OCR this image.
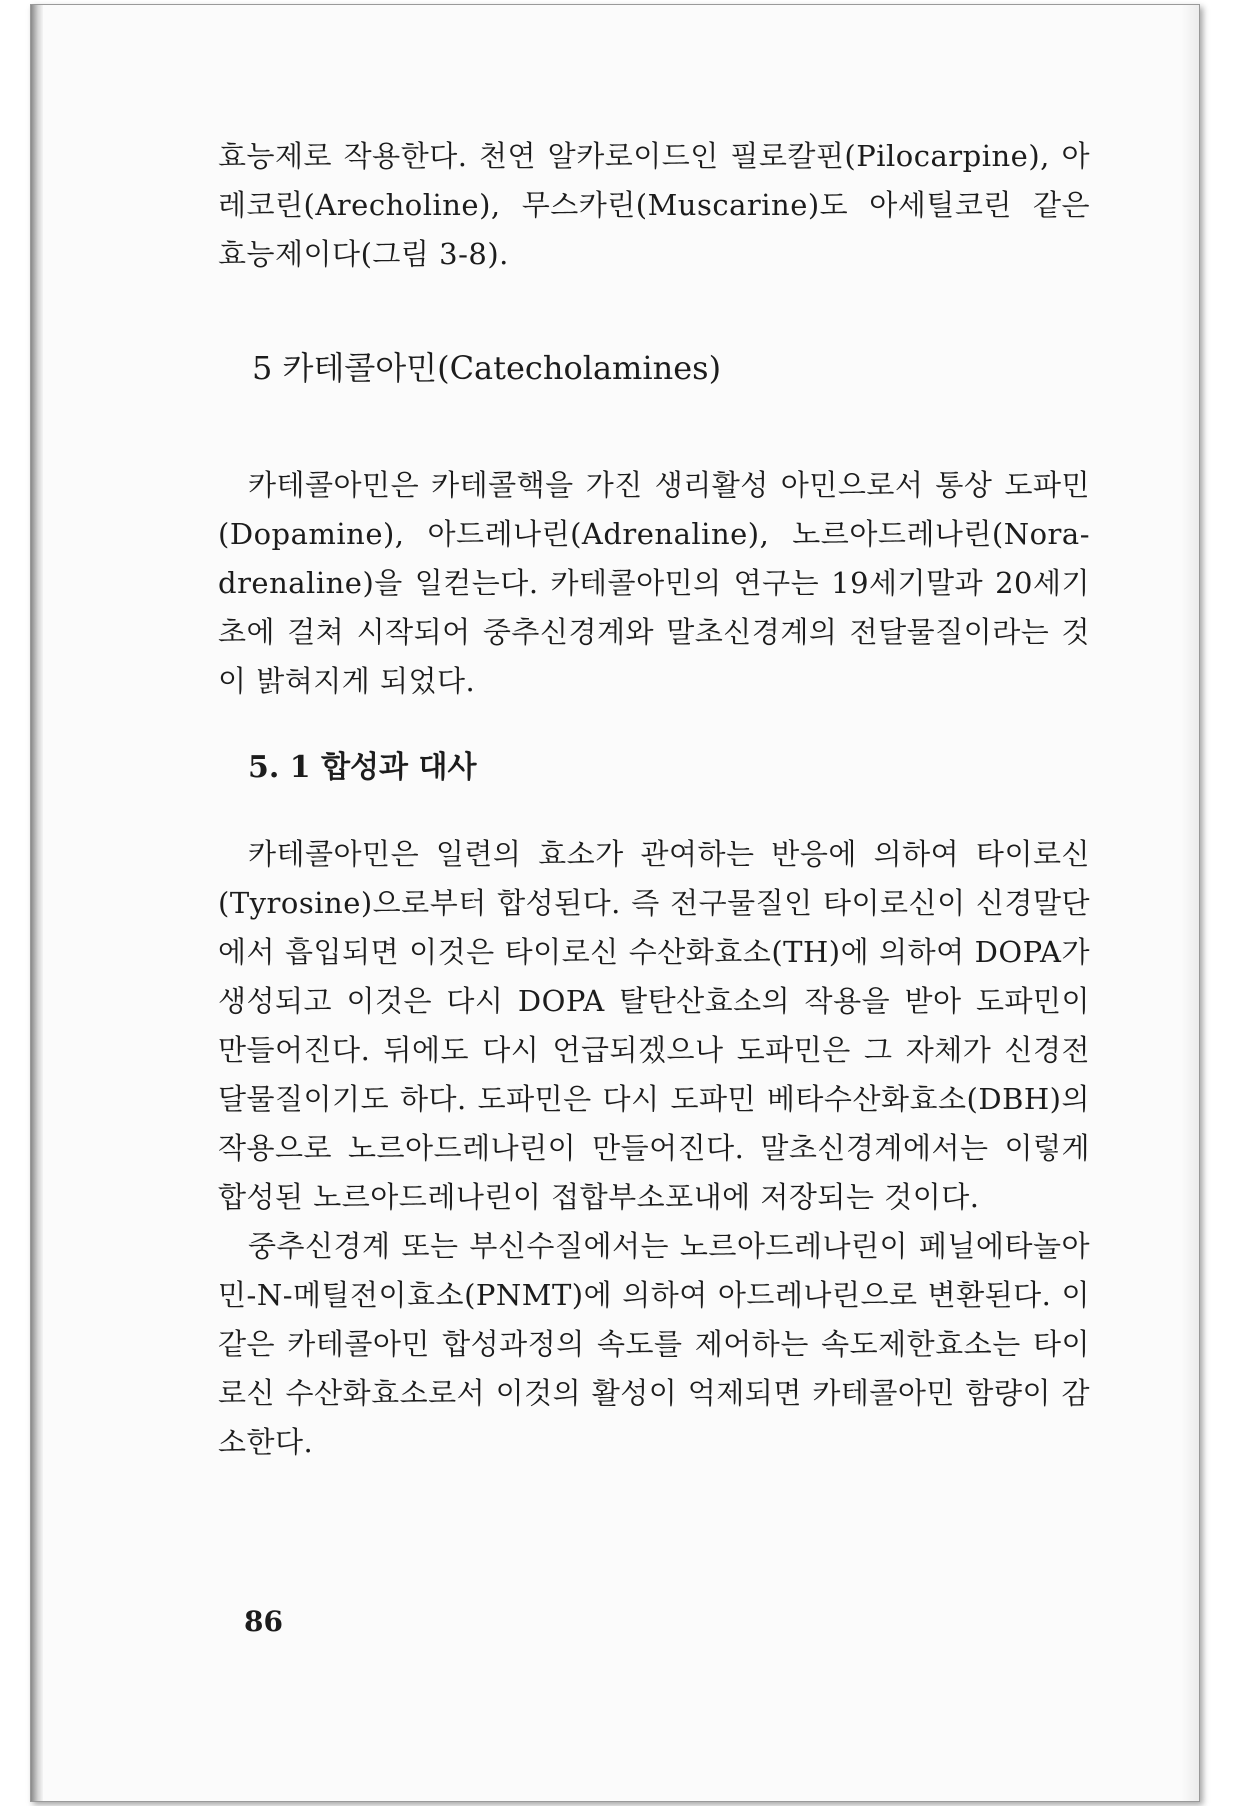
효능제로 작용한다. 천연 알카로이드인 필로칼핀(Pilocarpine), 아레코린(Arecholine), 무스카린(Muscarine)도 아세틸코린 같은 효능제이다(그림 3-8).

5 카테콜아민(Catecholamines)

카테콜아민은 카테콜핵을 가진 생리활성 아민으로서 통상 도파민(Dopamine), 아드레나린(Adrenaline), 노르아드레나린(Nora-drenaline)을 일컫는다. 카테콜아민의 연구는 19세기말과 20세기초에 걸쳐 시작되어 중추신경계와 말초신경계의 전달물질이라는 것이 밝혀지게 되었다.

5. 1 합성과 대사

카테콜아민은 일련의 효소가 관여하는 반응에 의하여 타이로신(Tyrosine)으로부터 합성된다. 즉 전구물질인 타이로신이 신경말단에서 흡입되면 이것은 타이로신 수산화효소(TH)에 의하여 DOPA가 생성되고 이것은 다시 DOPA 탈탄산효소의 작용을 받아 도파민이 만들어진다. 뒤에도 다시 언급되겠으나 도파민은 그 자체가 신경전달물질이기도 하다. 도파민은 다시 도파민 베타수산화효소(DBH)의 작용으로 노르아드레나린이 만들어진다. 말초신경계에서는 이렇게 합성된 노르아드레나린이 접합부소포내에 저장되는 것이다.

중추신경계 또는 부신수질에서는 노르아드레나린이 페닐에타놀아민-N-메틸전이효소(PNMT)에 의하여 아드레나린으로 변환된다. 이같은 카테콜아민 합성과정의 속도를 제어하는 속도제한효소는 타이로신 수산화효소로서 이것의 활성이 억제되면 카테콜아민 함량이 감소한다.

86
